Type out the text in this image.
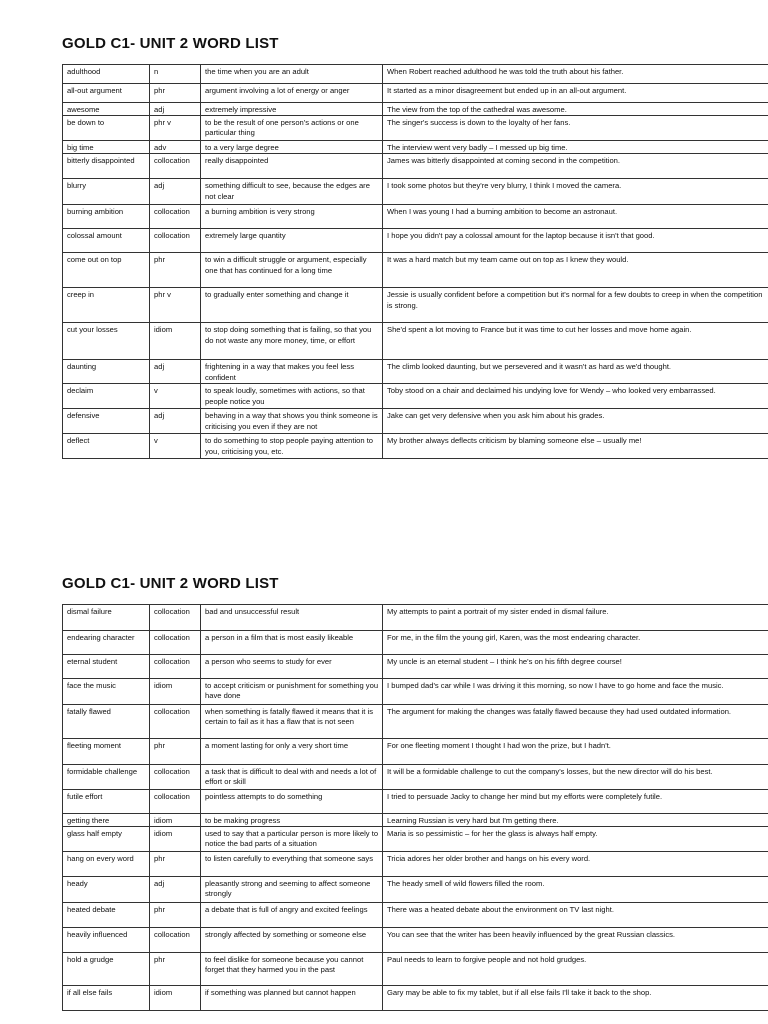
GOLD C1- UNIT 2 WORD LIST
adulthood	n	the time when you are an adult	When Robert reached adulthood he was told the truth about his father.
all-out argument	phr	argument involving a lot of energy or anger	It started as a minor disagreement but ended up in an all-out argument.
awesome	adj	extremely impressive	The view from the top of the cathedral was awesome.
be down to	phr v	to be the result of one person's actions or one particular thing	The singer's success is down to the loyalty of her fans.
big time	adv	to a very large degree	The interview went very badly – I messed up big time.
bitterly disappointed	collocation	really disappointed	James was bitterly disappointed at coming second in the competition.
blurry	adj	something difficult to see, because the edges are not clear	I took some photos but they're very blurry, I think I moved the camera.
burning ambition	collocation	a burning ambition is very strong	When I was young I had a burning ambition to become an astronaut.
colossal amount	collocation	extremely large quantity	I hope you didn't pay a colossal amount for the laptop because it isn't that good.
come out on top	phr	to win a difficult struggle or argument, especially one that has continued for a long time	It was a hard match but my team came out on top as I knew they would.
creep in	phr v	to gradually enter something and change it	Jessie is usually confident before a competition but it's normal for a few doubts to creep in when the competition is strong.
cut your losses	idiom	to stop doing something that is failing, so that you do not waste any more money, time, or effort	She'd spent a lot moving to France but it was time to cut her losses and move home again.
daunting	adj	frightening in a way that makes you feel less confident	The climb looked daunting, but we persevered and it wasn't as hard as we'd thought.
declaim	v	to speak loudly, sometimes with actions, so that people notice you	Toby stood on a chair and declaimed his undying love for Wendy – who looked very embarrassed.
defensive	adj	behaving in a way that shows you think someone is criticising you even if they are not	Jake can get very defensive when you ask him about his grades.
deflect	v	to do something to stop people paying attention to you, criticising you, etc.	My brother always deflects criticism by blaming someone else – usually me!
GOLD C1- UNIT 2 WORD LIST
dismal failure	collocation	bad and unsuccessful result	My attempts to paint a portrait of my sister ended in dismal failure.
endearing character	collocation	a person in a film that is most easily likeable	For me, in the film the young girl, Karen, was the most endearing character.
eternal student	collocation	a person who seems to study for ever	My uncle is an eternal student – I think he's on his fifth degree course!
face the music	idiom	to accept criticism or punishment for something you have done	I bumped dad's car while I was driving it this morning, so now I have to go home and face the music.
fatally flawed	collocation	when something is fatally flawed it means that it is certain to fail as it has a flaw that is not seen	The argument for making the changes was fatally flawed because they had used outdated information.
fleeting moment	phr	a moment lasting for only a very short time	For one fleeting moment I thought I had won the prize, but I hadn't.
formidable challenge	collocation	a task that is difficult to deal with and needs a lot of effort or skill	It will be a formidable challenge to cut the company's losses, but the new director will do his best.
futile effort	collocation	pointless attempts to do something	I tried to persuade Jacky to change her mind but my efforts were completely futile.
getting there	idiom	to be making progress	Learning Russian is very hard but I'm getting there.
glass half empty	idiom	used to say that a particular person is more likely to notice the bad parts of a situation	Maria is so pessimistic – for her the glass is always half empty.
hang on every word	phr	to listen carefully to everything that someone says	Tricia adores her older brother and hangs on his every word.
heady	adj	pleasantly strong and seeming to affect someone strongly	The heady smell of wild flowers filled the room.
heated debate	phr	a debate that is full of angry and excited feelings	There was a heated debate about the environment on TV last night.
heavily influenced	collocation	strongly affected by something or someone else	You can see that the writer has been heavily influenced by the great Russian classics.
hold a grudge	phr	to feel dislike for someone because you cannot forget that they harmed you in the past	Paul needs to learn to forgive people and not hold grudges.
if all else fails	idiom	if something was planned but cannot happen	Gary may be able to fix my tablet, but if all else fails I'll take it back to the shop.
